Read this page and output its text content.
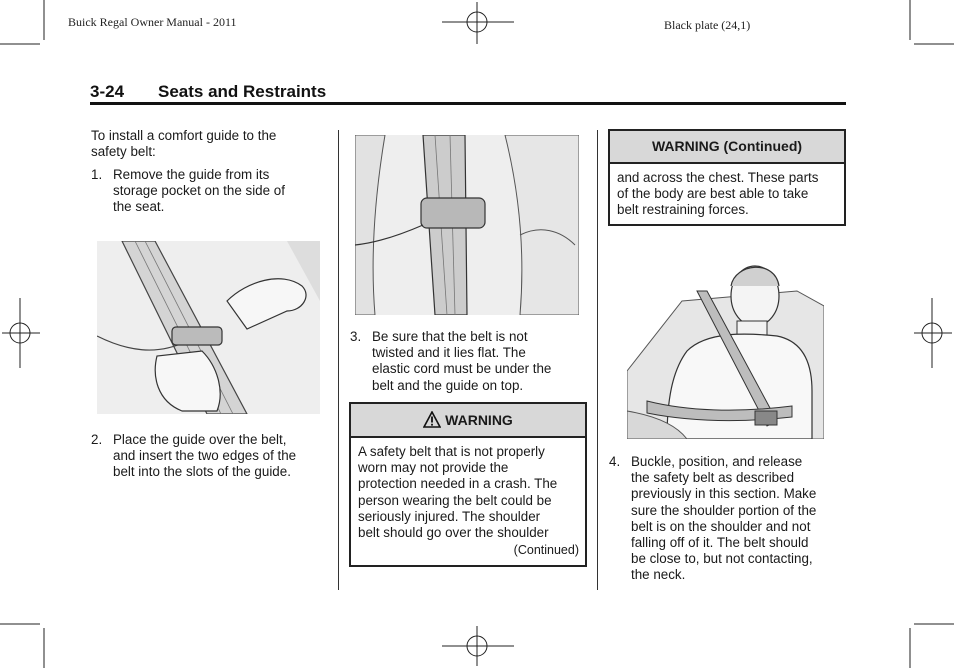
Buick Regal Owner Manual - 2011	Black plate (24,1)
3-24 Seats and Restraints
To install a comfort guide to the
safety belt:
1. Remove the guide from its
storage pocket on the side of
the seat.
2. Place the guide over the belt,
and insert the two edges of the
belt into the slots of the guide.
3. Be sure that the belt is not
twisted and it lies flat. The
elastic cord must be under the
belt and the guide on top.
WARNING
A safety belt that is not properly
worn may not provide the
protection needed in a crash. The
person wearing the belt could be
seriously injured. The shoulder
belt should go over the shoulder
(Continued)
WARNING (Continued)
and across the chest. These parts
of the body are best able to take
belt restraining forces.
4. Buckle, position, and release
the safety belt as described
previously in this section. Make
sure the shoulder portion of the
belt is on the shoulder and not
falling off of it. The belt should
be close to, but not contacting,
the neck.
